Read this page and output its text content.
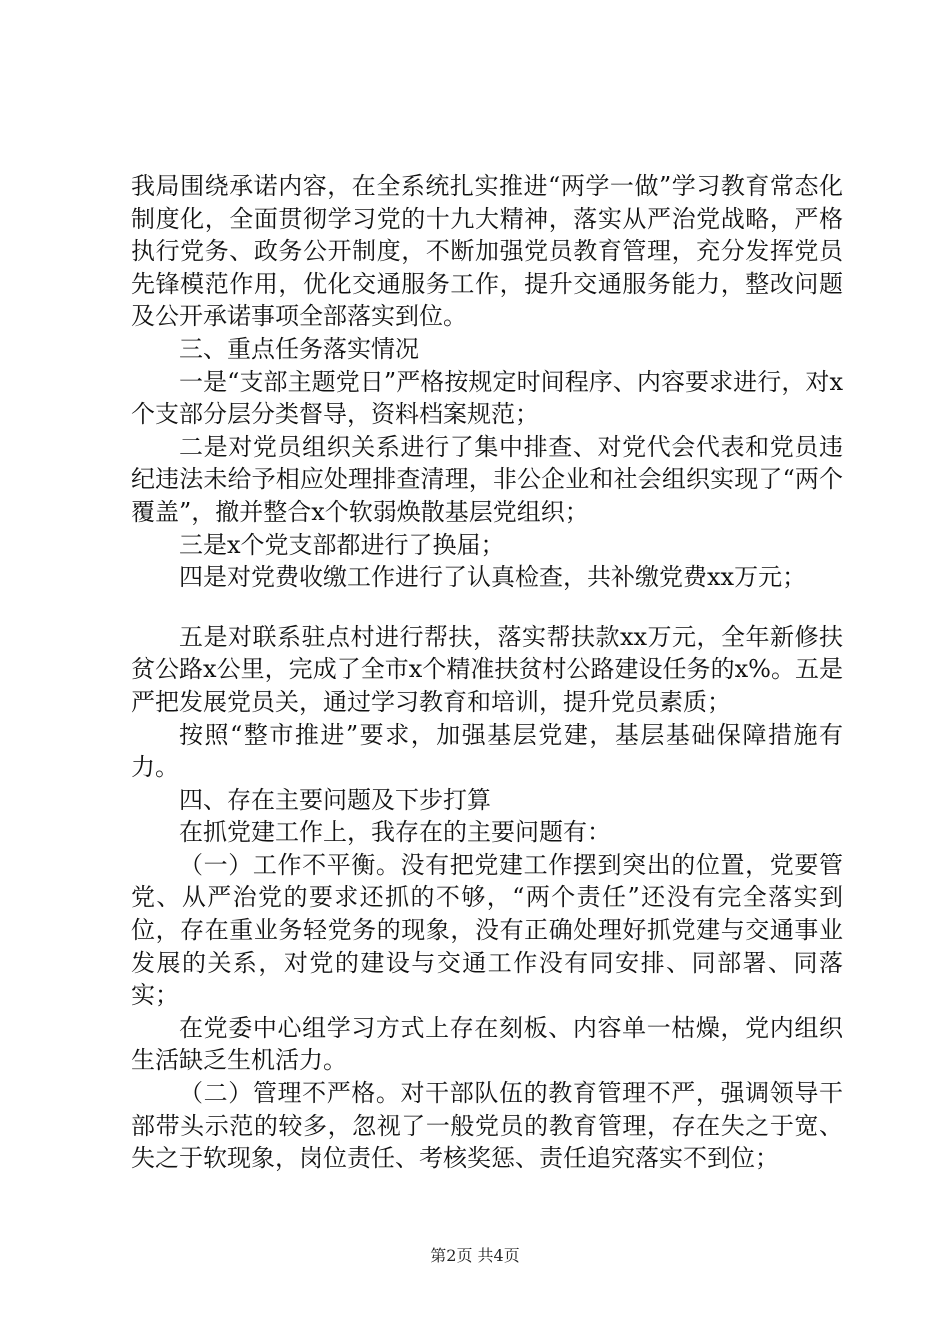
我局围绕承诺内容，在全系统扎实推进“两学一做”学习教育常态化制度化，全面贯彻学习党的十九大精神，落实从严治党战略，严格执行党务、政务公开制度，不断加强党员教育管理，充分发挥党员先锋模范作用，优化交通服务工作，提升交通服务能力，整改问题及公开承诺事项全部落实到位。

三、重点任务落实情况

一是“支部主题党日”严格按规定时间程序、内容要求进行，对x个支部分层分类督导，资料档案规范；

二是对党员组织关系进行了集中排查、对党代会代表和党员违纪违法未给予相应处理排查清理，非公企业和社会组织实现了“两个覆盖”，撤并整合x个软弱焕散基层党组织；

三是x个党支部都进行了换届；

四是对党费收缴工作进行了认真检查，共补缴党费xx万元；

五是对联系驻点村进行帮扶，落实帮扶款xx万元，全年新修扶贫公路x公里，完成了全市x个精准扶贫村公路建设任务的x%。五是严把发展党员关，通过学习教育和培训，提升党员素质；

按照“整市推进”要求，加强基层党建，基层基础保障措施有力。

四、存在主要问题及下步打算

在抓党建工作上，我存在的主要问题有：

（一）工作不平衡。没有把党建工作摆到突出的位置，党要管党、从严治党的要求还抓的不够，“两个责任”还没有完全落实到位，存在重业务轻党务的现象，没有正确处理好抓党建与交通事业发展的关系，对党的建设与交通工作没有同安排、同部署、同落实；

在党委中心组学习方式上存在刻板、内容单一枯燥，党内组织生活缺乏生机活力。

（二）管理不严格。对干部队伍的教育管理不严，强调领导干部带头示范的较多，忽视了一般党员的教育管理，存在失之于宽、失之于软现象，岗位责任、考核奖惩、责任追究落实不到位；

第2页 共4页
